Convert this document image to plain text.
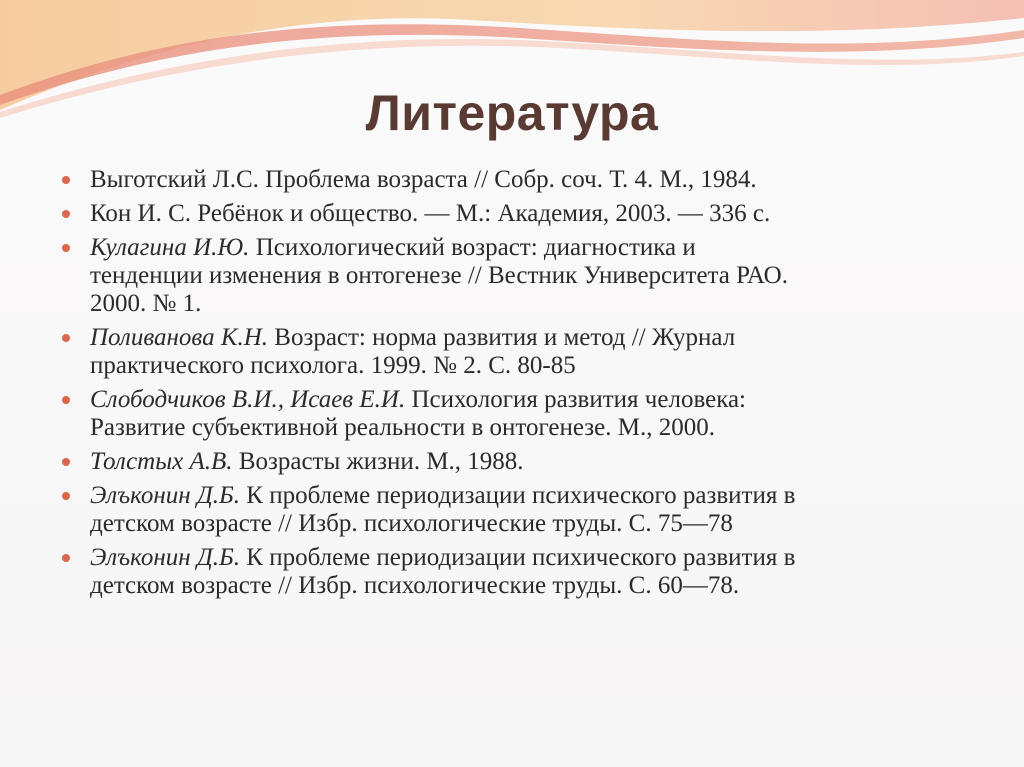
Литература
Выготский Л.С. Проблема возраста // Собр. соч. Т. 4. М., 1984.
Кон И. С. Ребёнок и общество. — М.: Академия, 2003. — 336 с.
Кулагина И.Ю. Психологический возраст: диагностика и
тенденции изменения в онтогенезе // Вестник Университета РАО.
2000. № 1.
Поливанова К.Н. Возраст: норма развития и метод // Журнал
практического психолога. 1999. № 2. С. 80-85
Слободчиков В.И., Исаев Е.И. Психология развития человека:
Развитие субъективной реальности в онтогенезе. М., 2000.
Толстых А.В. Возрасты жизни. М., 1988.
Элъконин Д.Б. К проблеме периодизации психического развития в
детском возрасте // Избр. психологические труды. С. 75—78
Элъконин Д.Б. К проблеме периодизации психического развития в
детском возрасте // Избр. психологические труды. С. 60—78.
